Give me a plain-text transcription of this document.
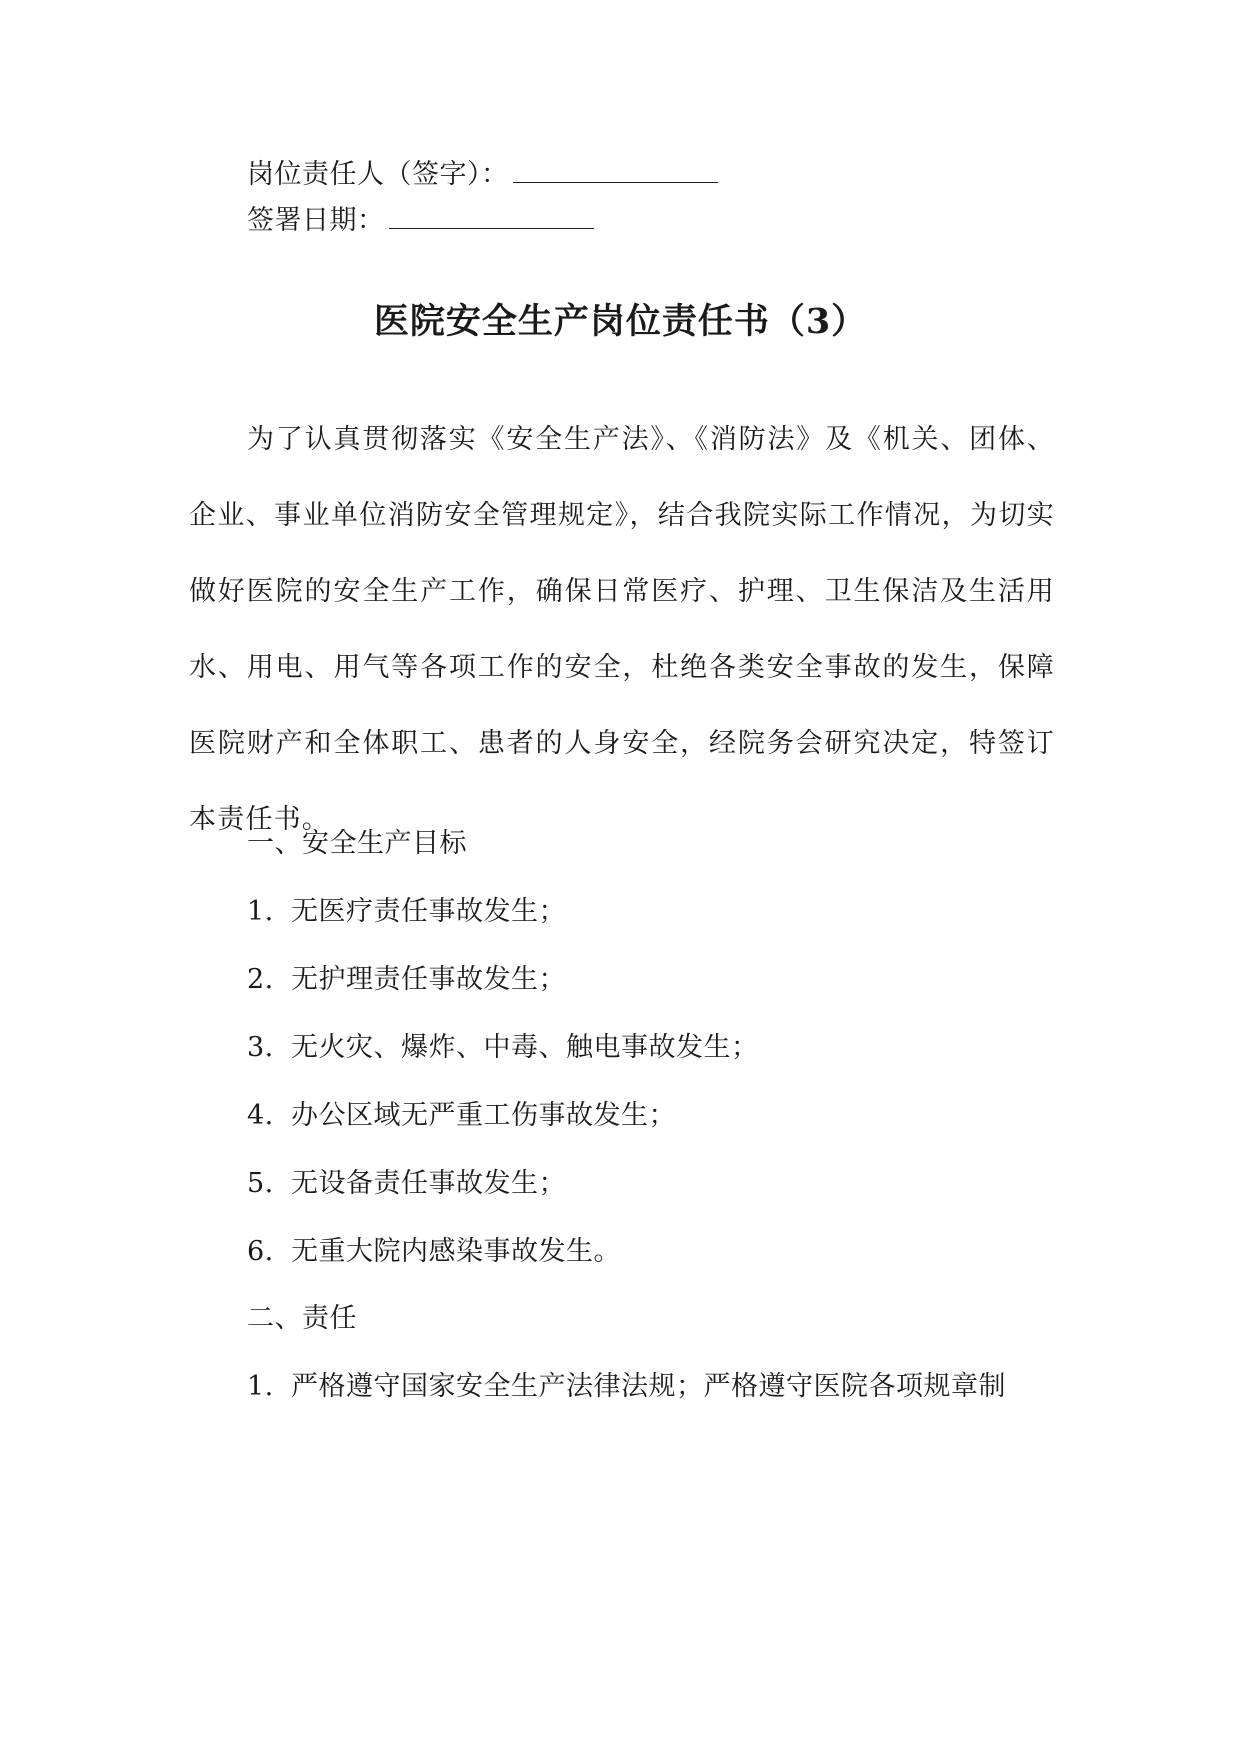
岗位责任人（签字）：
签署日期：
医院安全生产岗位责任书（3）
为了认真贯彻落实《安全生产法》、《消防法》及《机关、团体、企业、事业单位消防安全管理规定》，结合我院实际工作情况，为切实做好医院的安全生产工作，确保日常医疗、护理、卫生保洁及生活用水、用电、用气等各项工作的安全，杜绝各类安全事故的发生，保障医院财产和全体职工、患者的人身安全，经院务会研究决定，特签订本责任书。
一、安全生产目标
1. 无医疗责任事故发生；
2. 无护理责任事故发生；
3. 无火灾、爆炸、中毒、触电事故发生；
4. 办公区域无严重工伤事故发生；
5. 无设备责任事故发生；
6. 无重大院内感染事故发生。
二、责任
1. 严格遵守国家安全生产法律法规；严格遵守医院各项规章制
